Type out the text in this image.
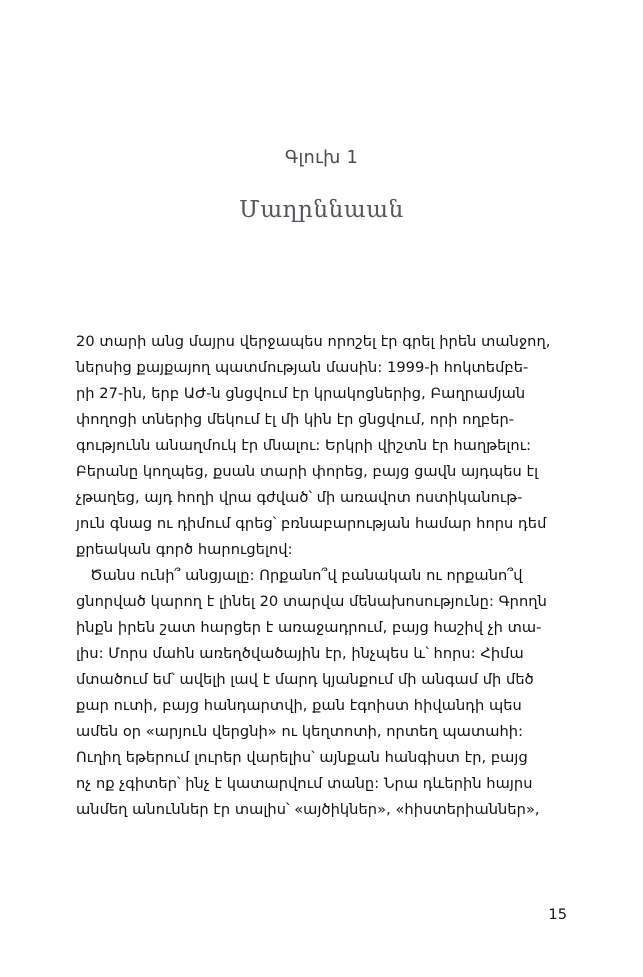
Գլուխ 1
Մաղրննաան
20 տարի անց մայրս վերջապես որոշել էր գրել իրեն տանջող,
ներսից քայքայող պատմության մասին: 1999-ի հոկտեմբե-
րի 27-ին, երբ ԱԺ-ն ցնցվում էր կրակոցներից, Բաղրամյան
փողոցի տներից մեկում էլ մի կին էր ցնցվում, որի ողբեր-
գությունն անաղմուկ էր մնալու: Երկրի վիշտն էր հաղթելու:
Բերանը կողպեց, քսան տարի փորեց, բայց ցավն այդպես էլ
չթաղեց, այդ հողի վրա գժված՝ մի առավոտ ոստիկանութ-
յուն գնաց ու դիմում գրեց՝ բռնաբարության համար հորս դեմ
քրեական գործ հարուցելով:
Ծանս ունի՞ անցյալը: Որքանո՞վ բանական ու որքանո՞վ
ցնորված կարող է լինել 20 տարվա մենախոսությունը: Գրողն
ինքն իրեն շատ հարցեր է առաջադրում, բայց հաշիվ չի տա-
լիս: Մորս մահն առեղծվածային էր, ինչպես և՝ հորս: Հիմա
մտածում եմ՝ ավելի լավ է մարդ կյանքում մի անգամ մի մեծ
քար ուտի, բայց հանդարտվի, քան էգոիստ հիվանդի պես
ամեն օր «արյուն վերցնի» ու կեղտոտի, որտեղ պատահի:
Ուղիղ եթերում լուրեր վարելիս՝ այնքան հանգիստ էր, բայց
ոչ ոք չգիտեր՝ ինչ է կատարվում տանը: Նրա դևերին հայրս
անմեղ անուններ էր տալիս՝ «այծիկներ», «հիստերիաններ»,
15
